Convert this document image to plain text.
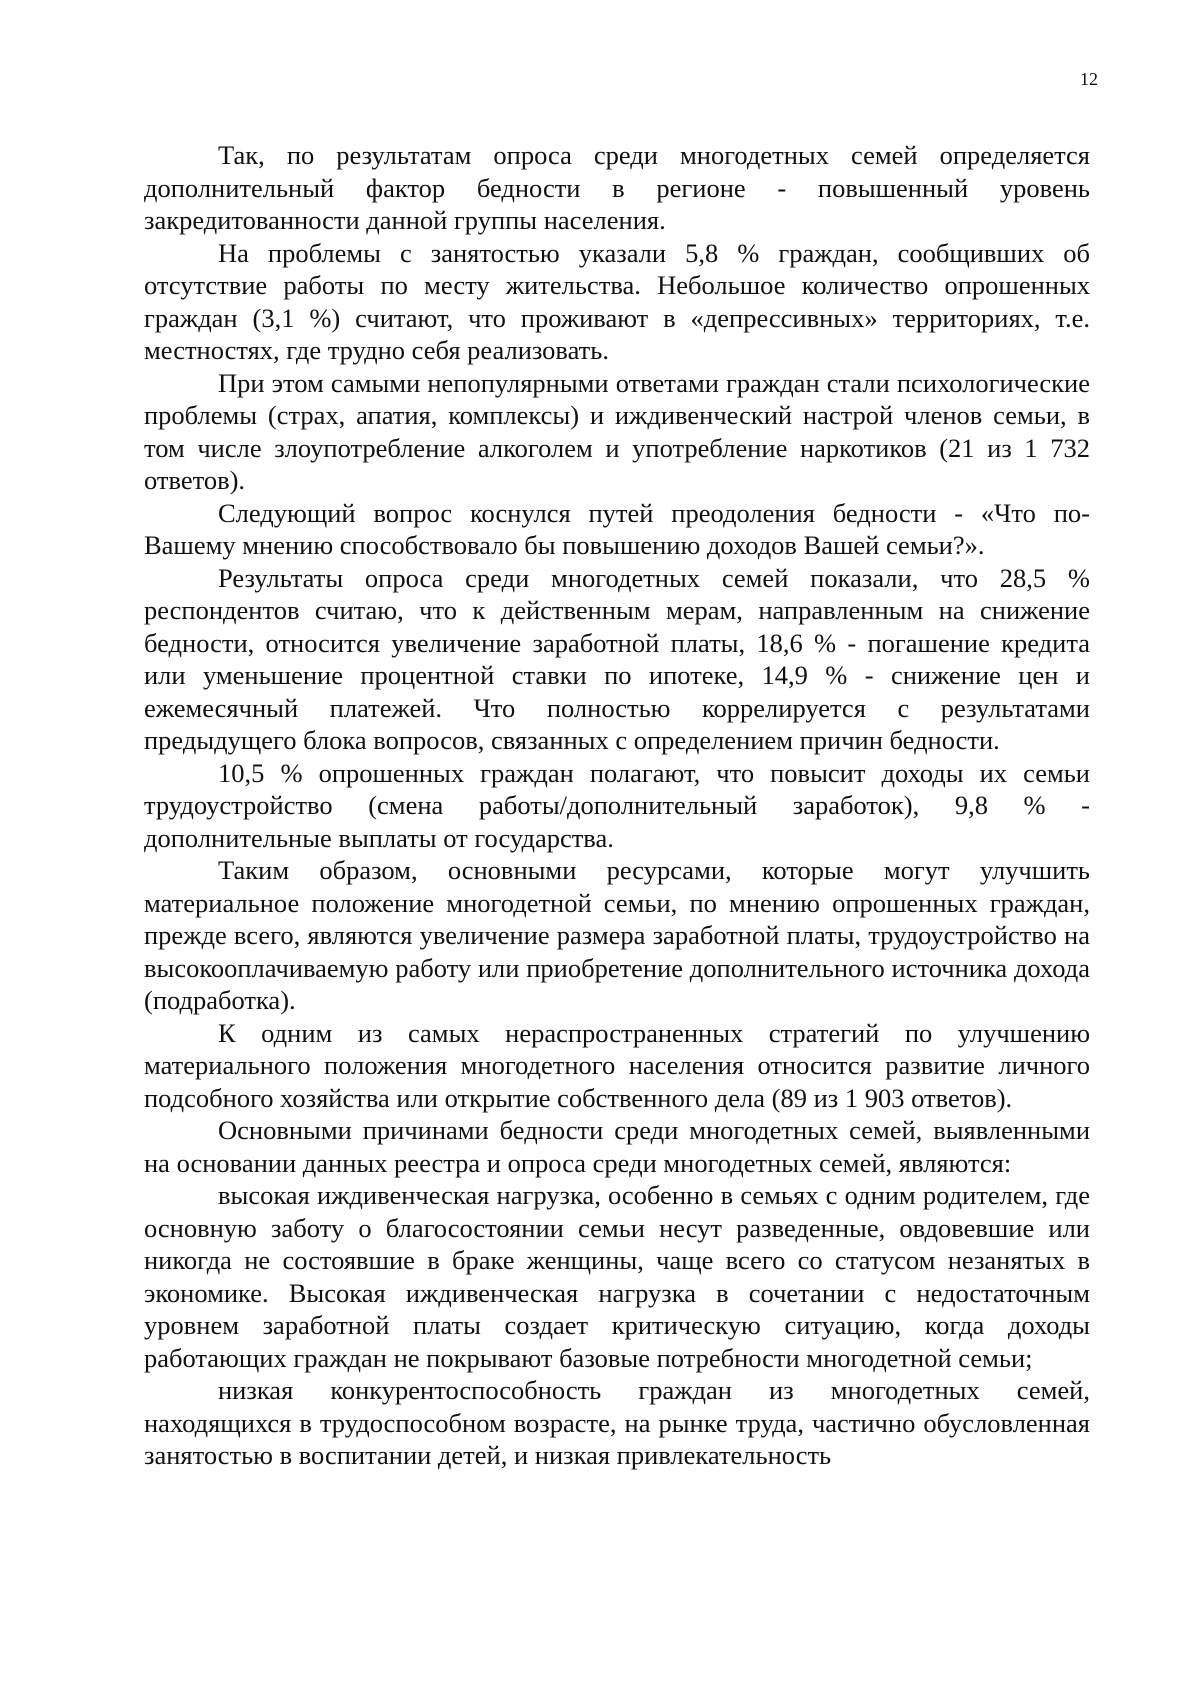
12

Так, по результатам опроса среди многодетных семей определяется дополнительный фактор бедности в регионе - повышенный уровень закредитованности данной группы населения.

На проблемы с занятостью указали 5,8 % граждан, сообщивших об отсутствие работы по месту жительства. Небольшое количество опрошенных граждан (3,1 %) считают, что проживают в «депрессивных» территориях, т.е. местностях, где трудно себя реализовать.

При этом самыми непопулярными ответами граждан стали психологические проблемы (страх, апатия, комплексы) и иждивенческий настрой членов семьи, в том числе злоупотребление алкоголем и употребление наркотиков (21 из 1 732 ответов).

Следующий вопрос коснулся путей преодоления бедности - «Что по-Вашему мнению способствовало бы повышению доходов Вашей семьи?».

Результаты опроса среди многодетных семей показали, что 28,5 % респондентов считаю, что к действенным мерам, направленным на снижение бедности, относится увеличение заработной платы, 18,6 % - погашение кредита или уменьшение процентной ставки по ипотеке, 14,9 % - снижение цен и ежемесячный платежей. Что полностью коррелируется с результатами предыдущего блока вопросов, связанных с определением причин бедности.

10,5 % опрошенных граждан полагают, что повысит доходы их семьи трудоустройство (смена работы/дополнительный заработок), 9,8 % - дополнительные выплаты от государства.

Таким образом, основными ресурсами, которые могут улучшить материальное положение многодетной семьи, по мнению опрошенных граждан, прежде всего, являются увеличение размера заработной платы, трудоустройство на высокооплачиваемую работу или приобретение дополнительного источника дохода (подработка).

К одним из самых нераспространенных стратегий по улучшению материального положения многодетного населения относится развитие личного подсобного хозяйства или открытие собственного дела (89 из 1 903 ответов).

Основными причинами бедности среди многодетных семей, выявленными на основании данных реестра и опроса среди многодетных семей, являются:

высокая иждивенческая нагрузка, особенно в семьях с одним родителем, где основную заботу о благосостоянии семьи несут разведенные, овдовевшие или никогда не состоявшие в браке женщины, чаще всего со статусом незанятых в экономике. Высокая иждивенческая нагрузка в сочетании с недостаточным уровнем заработной платы создает критическую ситуацию, когда доходы работающих граждан не покрывают базовые потребности многодетной семьи;

низкая конкурентоспособность граждан из многодетных семей, находящихся в трудоспособном возрасте, на рынке труда, частично обусловленная занятостью в воспитании детей, и низкая привлекательность
